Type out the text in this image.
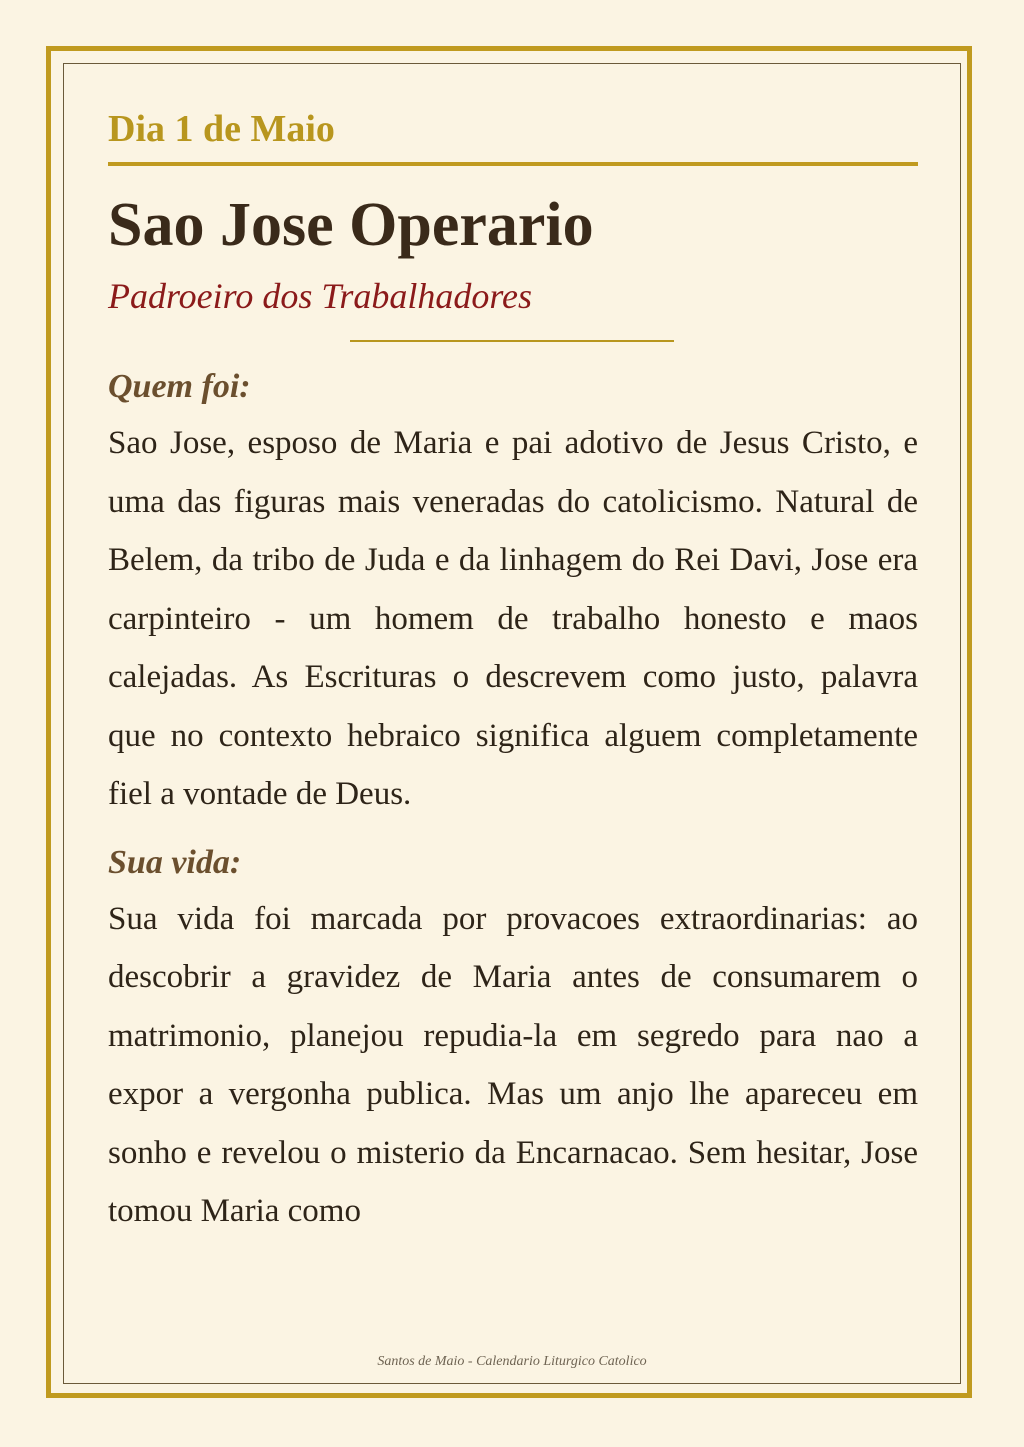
Dia 1 de Maio
Sao Jose Operario
Padroeiro dos Trabalhadores
Quem foi:

Sao Jose, esposo de Maria e pai adotivo de Jesus Cristo, e uma das figuras mais veneradas do catolicismo. Natural de Belem, da tribo de Juda e da linhagem do Rei Davi, Jose era carpinteiro - um homem de trabalho honesto e maos calejadas. As Escrituras o descrevem como justo, palavra que no contexto hebraico significa alguem completamente fiel a vontade de Deus.

Sua vida:

Sua vida foi marcada por provacoes extraordinarias: ao descobrir a gravidez de Maria antes de consumarem o matrimonio, planejou repudia-la em segredo para nao a expor a vergonha publica. Mas um anjo lhe apareceu em sonho e revelou o misterio da Encarnacao. Sem hesitar, Jose tomou Maria como

Santos de Maio - Calendario Liturgico Catolico
